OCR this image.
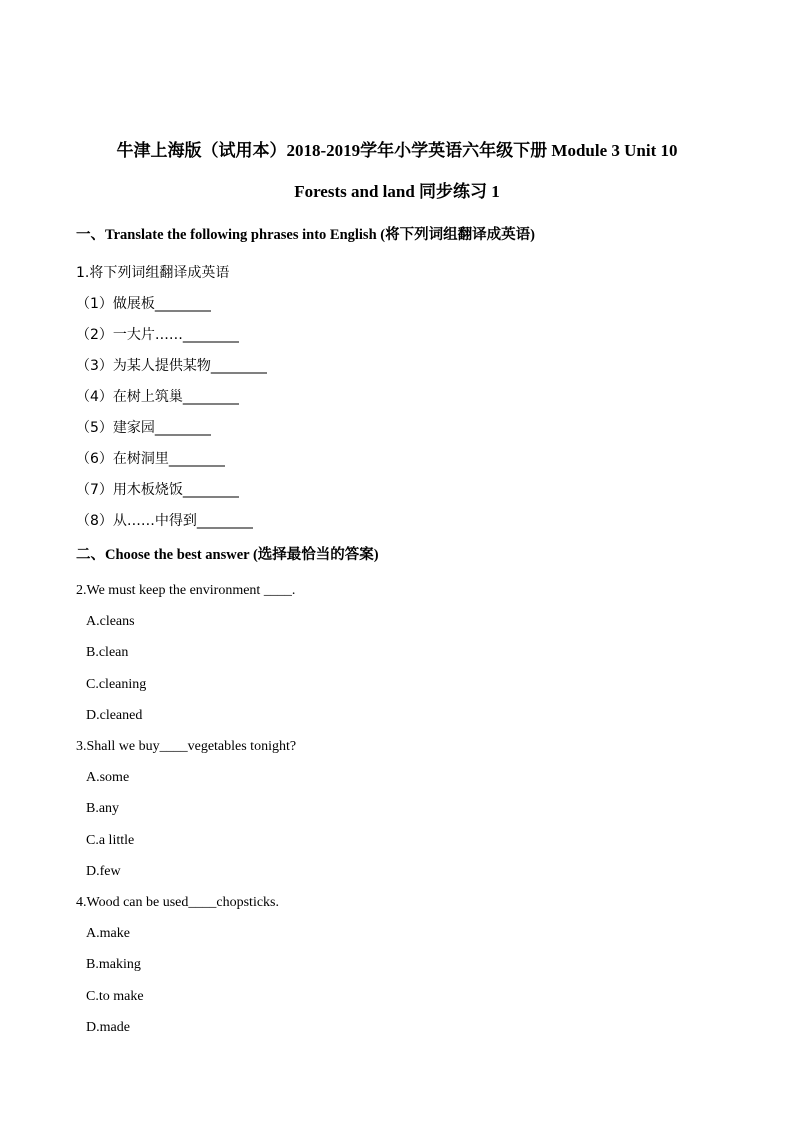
牛津上海版（试用本）2018-2019学年小学英语六年级下册 Module 3 Unit 10
Forests and land 同步练习 1
一、Translate the following phrases into English (将下列词组翻译成英语)
1.将下列词组翻译成英语
（1）做展板________
（2）一大片……________
（3）为某人提供某物________
（4）在树上筑巢________
（5）建家园________
（6）在树洞里________
（7）用木板烧饭________
（8）从……中得到________
二、Choose the best answer (选择最恰当的答案)
2.We must keep the environment ____.
A.cleans
B.clean
C.cleaning
D.cleaned
3.Shall we buy____vegetables tonight?
A.some
B.any
C.a little
D.few
4.Wood can be used____chopsticks.
A.make
B.making
C.to make
D.made
